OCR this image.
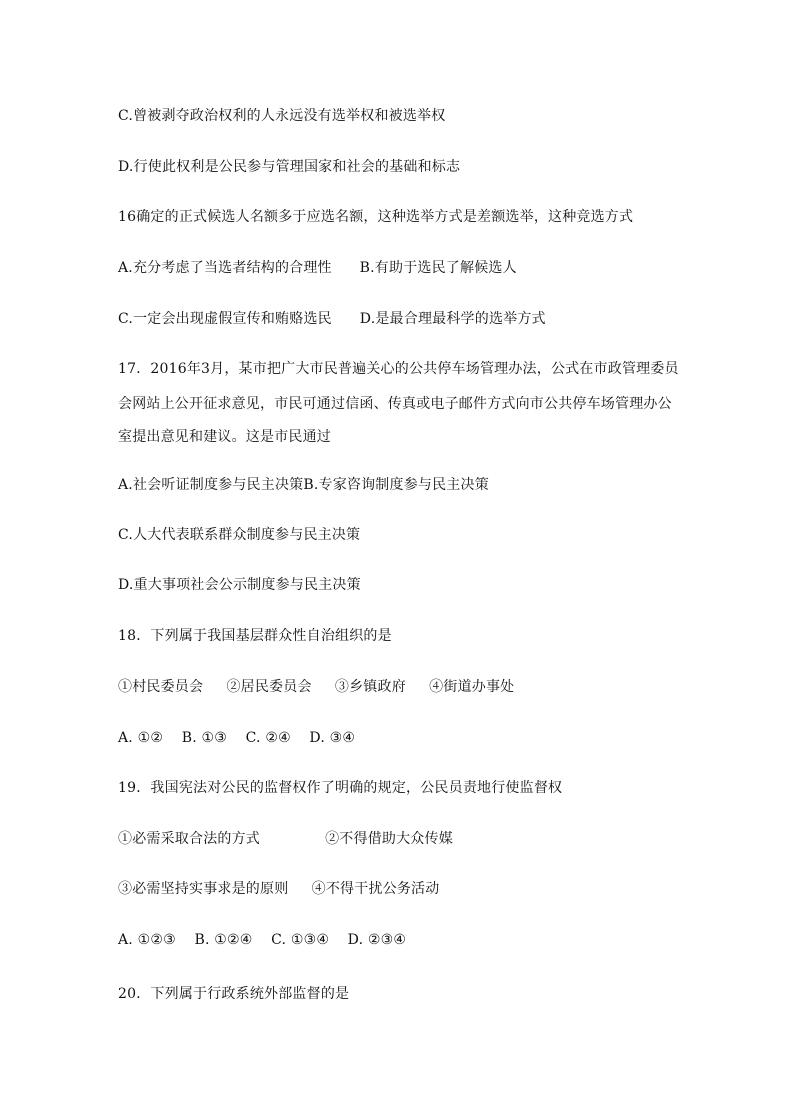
C.曾被剥夺政治权利的人永远没有选举权和被选举权
D.行使此权利是公民参与管理国家和社会的基础和标志
16确定的正式候选人名额多于应选名额，这种选举方式是差额选举，这种竞选方式
A.充分考虑了当选者结构的合理性      B.有助于选民了解候选人
C.一定会出现虚假宣传和贿赂选民      D.是最合理最科学的选举方式
17．2016年3月，某市把广大市民普遍关心的公共停车场管理办法，公式在市政管理委员
会网站上公开征求意见，市民可通过信函、传真或电子邮件方式向市公共停车场管理办公
室提出意见和建议。这是市民通过
A.社会听证制度参与民主决策B.专家咨询制度参与民主决策
C.人大代表联系群众制度参与民主决策
D.重大事项社会公示制度参与民主决策
18．下列属于我国基层群众性自治组织的是
①村民委员会     ②居民委员会     ③乡镇政府     ④街道办事处
A. ①②    B. ①③    C. ②④    D. ③④
19．我国宪法对公民的监督权作了明确的规定，公民员责地行使监督权
①必需采取合法的方式              ②不得借助大众传媒
③必需坚持实事求是的原则     ④不得干扰公务活动
A. ①②③    B. ①②④    C. ①③④    D. ②③④
20．下列属于行政系统外部监督的是
